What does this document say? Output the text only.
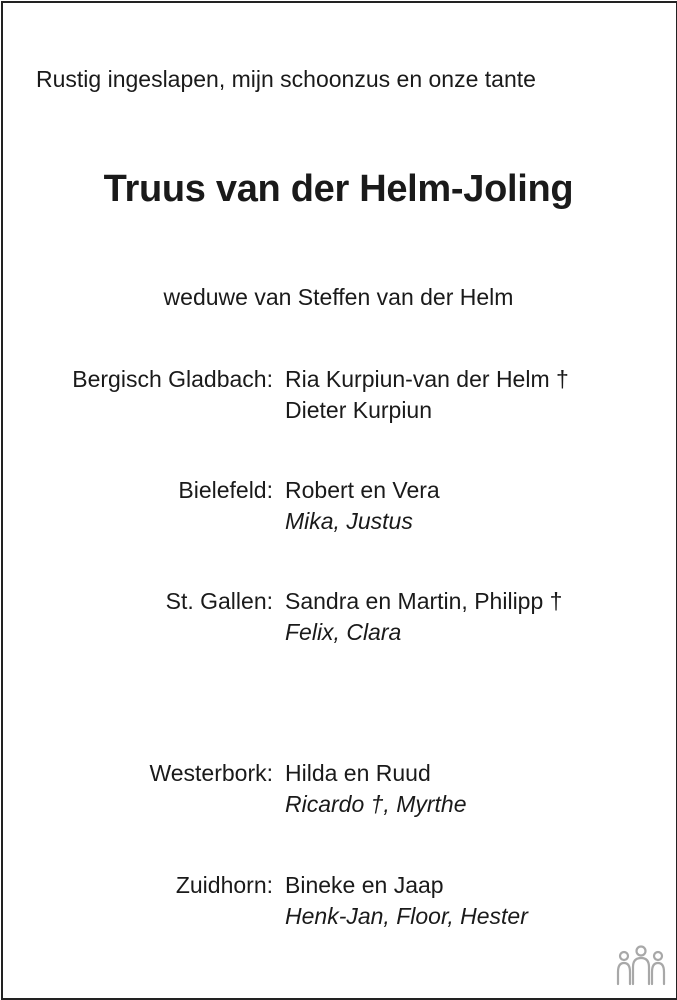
Rustig ingeslapen, mijn schoonzus en onze tante
Truus van der Helm-Joling
weduwe van Steffen van der Helm
Bergisch Gladbach: Ria Kurpiun-van der Helm †
Dieter Kurpiun
Bielefeld: Robert en Vera
Mika, Justus
St. Gallen: Sandra en Martin, Philipp †
Felix, Clara
Westerbork: Hilda en Ruud
Ricardo †, Myrthe
Zuidhorn: Bineke en Jaap
Henk-Jan, Floor, Hester
